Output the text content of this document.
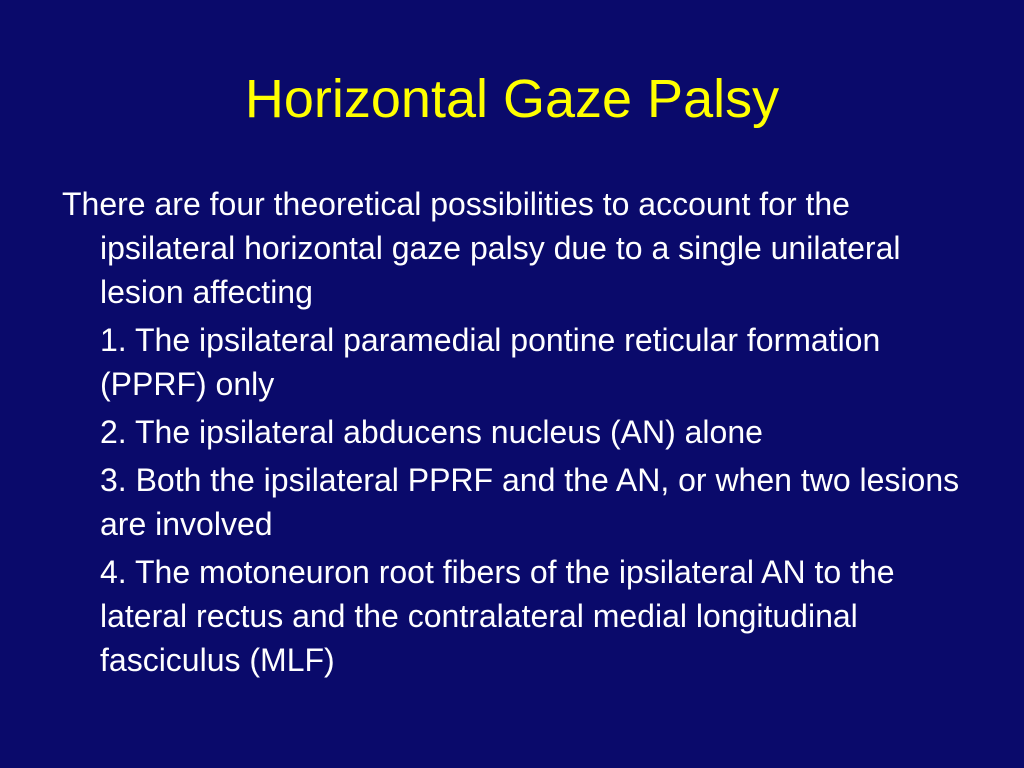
Horizontal Gaze Palsy

There are four theoretical possibilities to account for the ipsilateral horizontal gaze palsy due to a single unilateral lesion affecting

1. The ipsilateral paramedial pontine reticular formation (PPRF) only

2. The ipsilateral abducens nucleus (AN) alone

3. Both the ipsilateral PPRF and the AN, or when two lesions are involved

4. The motoneuron root fibers of the ipsilateral AN to the lateral rectus and the contralateral medial longitudinal fasciculus (MLF)
